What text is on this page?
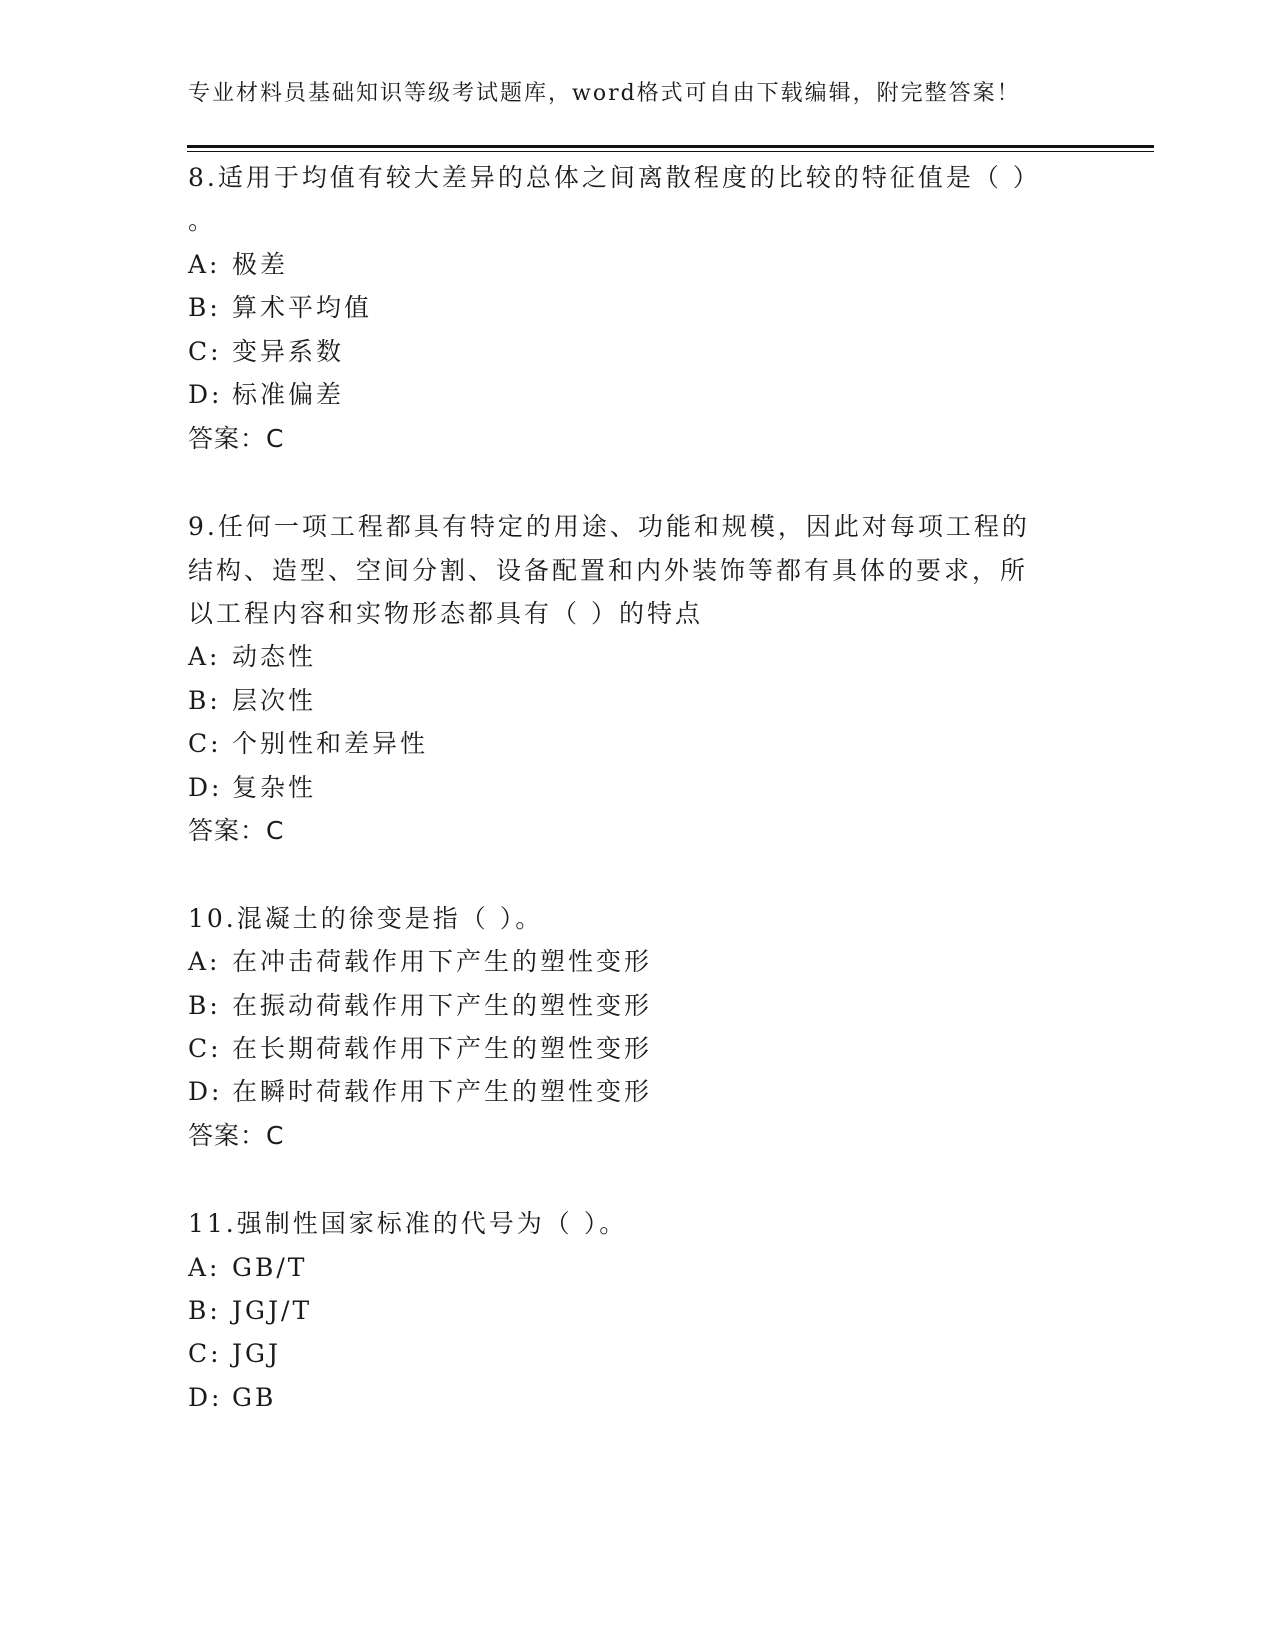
专业材料员基础知识等级考试题库，word格式可自由下载编辑，附完整答案！
8.适用于均值有较大差异的总体之间离散程度的比较的特征值是（ ）
。
A: 极差
B: 算术平均值
C: 变异系数
D: 标准偏差
答案：C
9.任何一项工程都具有特定的用途、功能和规模，因此对每项工程的
结构、造型、空间分割、设备配置和内外装饰等都有具体的要求，所
以工程内容和实物形态都具有（ ）的特点
A: 动态性
B: 层次性
C: 个别性和差异性
D: 复杂性
答案：C
10.混凝土的徐变是指（ ）。
A: 在冲击荷载作用下产生的塑性变形
B: 在振动荷载作用下产生的塑性变形
C: 在长期荷载作用下产生的塑性变形
D: 在瞬时荷载作用下产生的塑性变形
答案：C
11.强制性国家标准的代号为（ ）。
A: GB/T
B: JGJ/T
C: JGJ
D: GB
